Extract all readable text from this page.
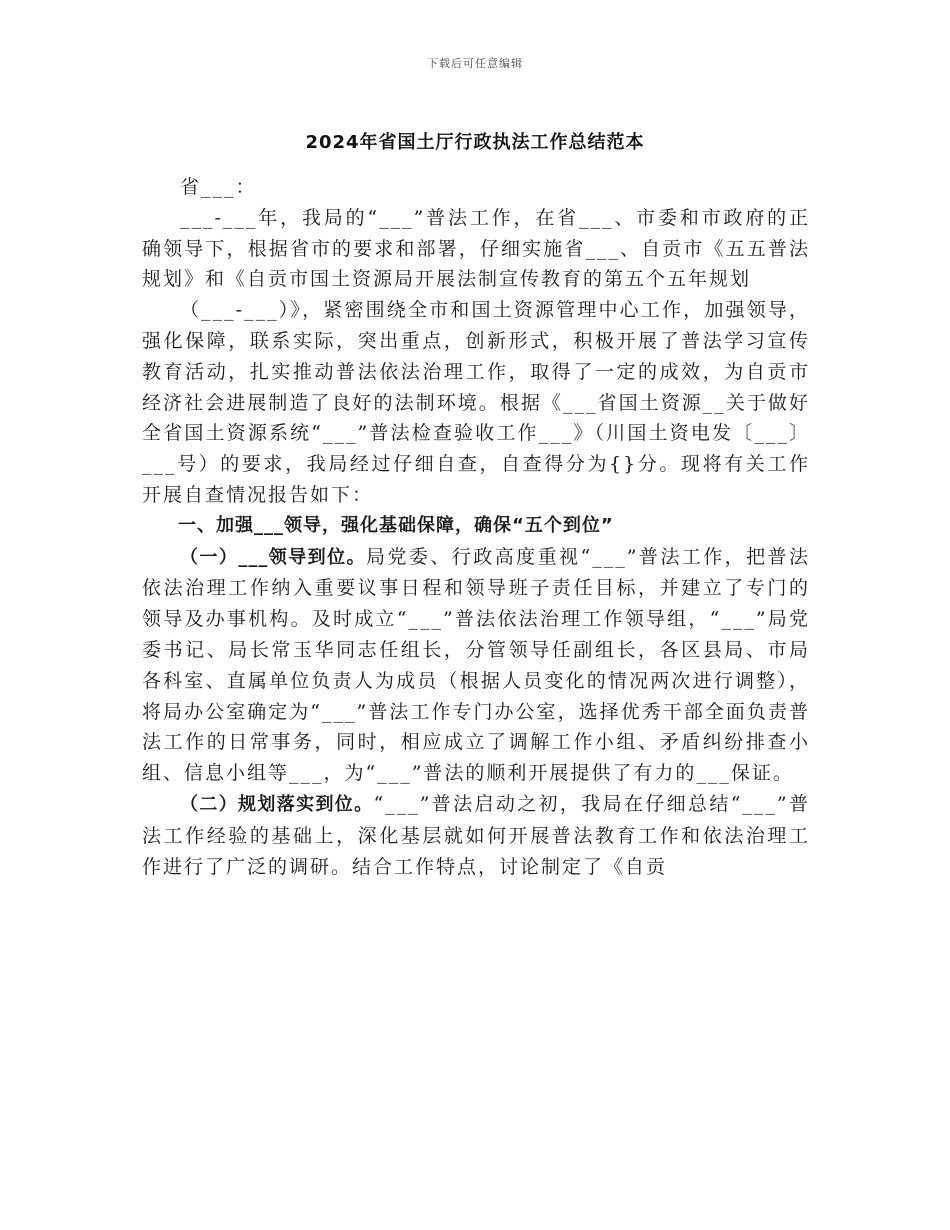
下载后可任意编辑
2024年省国土厅行政执法工作总结范本

省___：

___-___年，我局的“___”普法工作，在省___、市委和市政府的正确领导下，根据省市的要求和部署，仔细实施省___、自贡市《五五普法规划》和《自贡市国土资源局开展法制宣传教育的第五个五年规划

（___-___）》，紧密围绕全市和国土资源管理中心工作，加强领导，强化保障，联系实际，突出重点，创新形式，积极开展了普法学习宣传教育活动，扎实推动普法依法治理工作，取得了一定的成效，为自贡市经济社会进展制造了良好的法制环境。根据《___省国土资源__关于做好全省国土资源系统“___”普法检查验收工作___》（川国土资电发〔___〕___号）的要求，我局经过仔细自查，自查得分为{}分。现将有关工作开展自查情况报告如下：

一、加强___领导，强化基础保障，确保“五个到位”

（一）___领导到位。局党委、行政高度重视“___”普法工作，把普法依法治理工作纳入重要议事日程和领导班子责任目标，并建立了专门的领导及办事机构。及时成立“___”普法依法治理工作领导组，“___”局党委书记、局长常玉华同志任组长，分管领导任副组长，各区县局、市局各科室、直属单位负责人为成员（根据人员变化的情况两次进行调整），将局办公室确定为“___”普法工作专门办公室，选择优秀干部全面负责普法工作的日常事务，同时，相应成立了调解工作小组、矛盾纠纷排查小组、信息小组等___，为“___”普法的顺利开展提供了有力的___保证。

（二）规划落实到位。“___”普法启动之初，我局在仔细总结“___”普法工作经验的基础上，深化基层就如何开展普法教育工作和依法治理工作进行了广泛的调研。结合工作特点，讨论制定了《自贡
